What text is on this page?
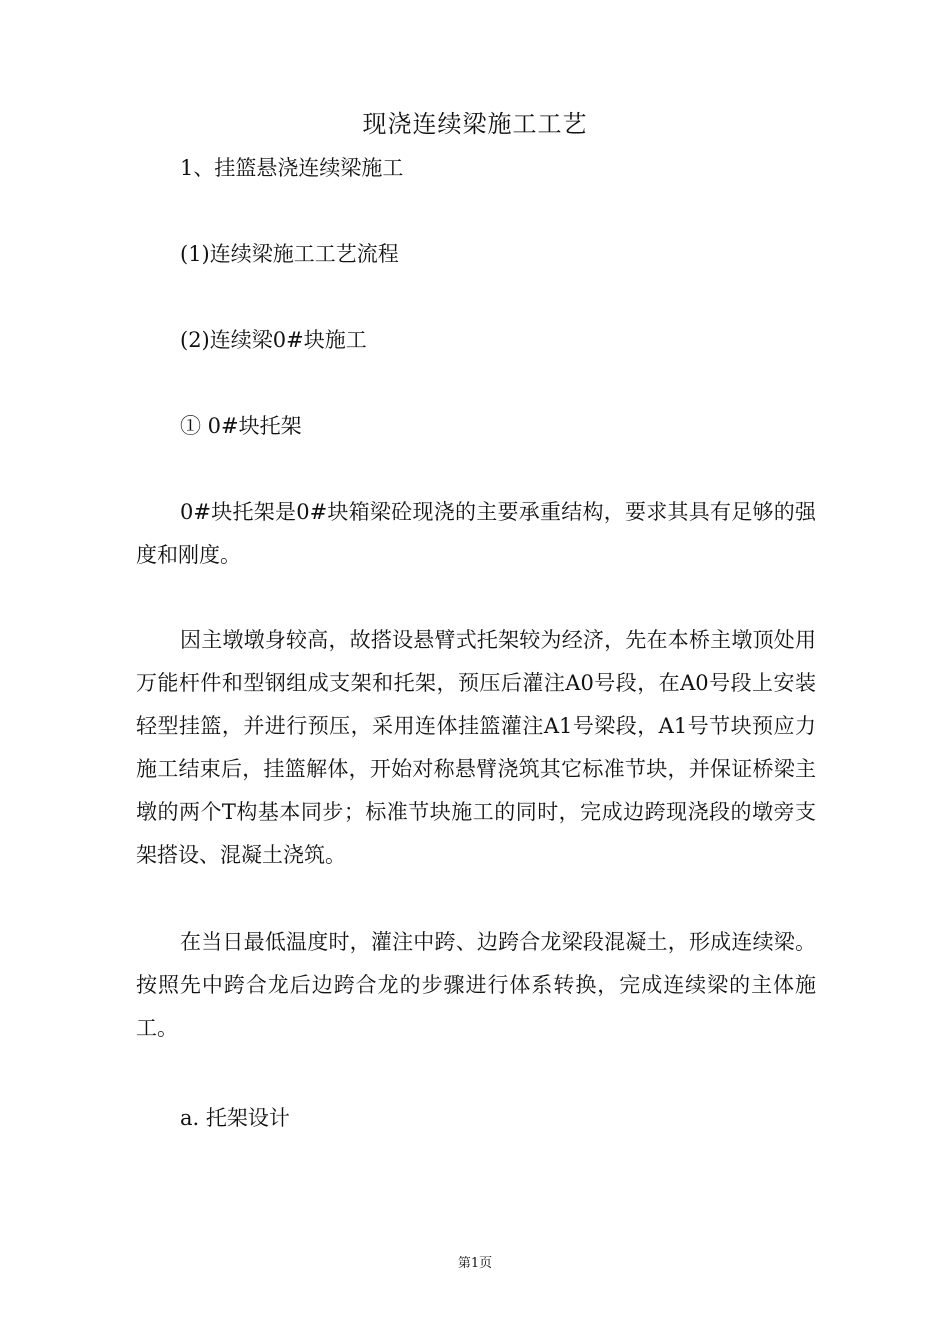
现浇连续梁施工工艺
1、挂篮悬浇连续梁施工
(1)连续梁施工工艺流程
(2)连续梁0#块施工
① 0#块托架
0#块托架是0#块箱梁砼现浇的主要承重结构，要求其具有足够的强度和刚度。
因主墩墩身较高，故搭设悬臂式托架较为经济，先在本桥主墩顶处用万能杆件和型钢组成支架和托架，预压后灌注A0号段，在A0号段上安装轻型挂篮，并进行预压，采用连体挂篮灌注A1号梁段，A1号节块预应力施工结束后，挂篮解体，开始对称悬臂浇筑其它标准节块，并保证桥梁主墩的两个T构基本同步；标准节块施工的同时，完成边跨现浇段的墩旁支架搭设、混凝土浇筑。
在当日最低温度时，灌注中跨、边跨合龙梁段混凝土，形成连续梁。按照先中跨合龙后边跨合龙的步骤进行体系转换，完成连续梁的主体施工。
a. 托架设计
第1页
